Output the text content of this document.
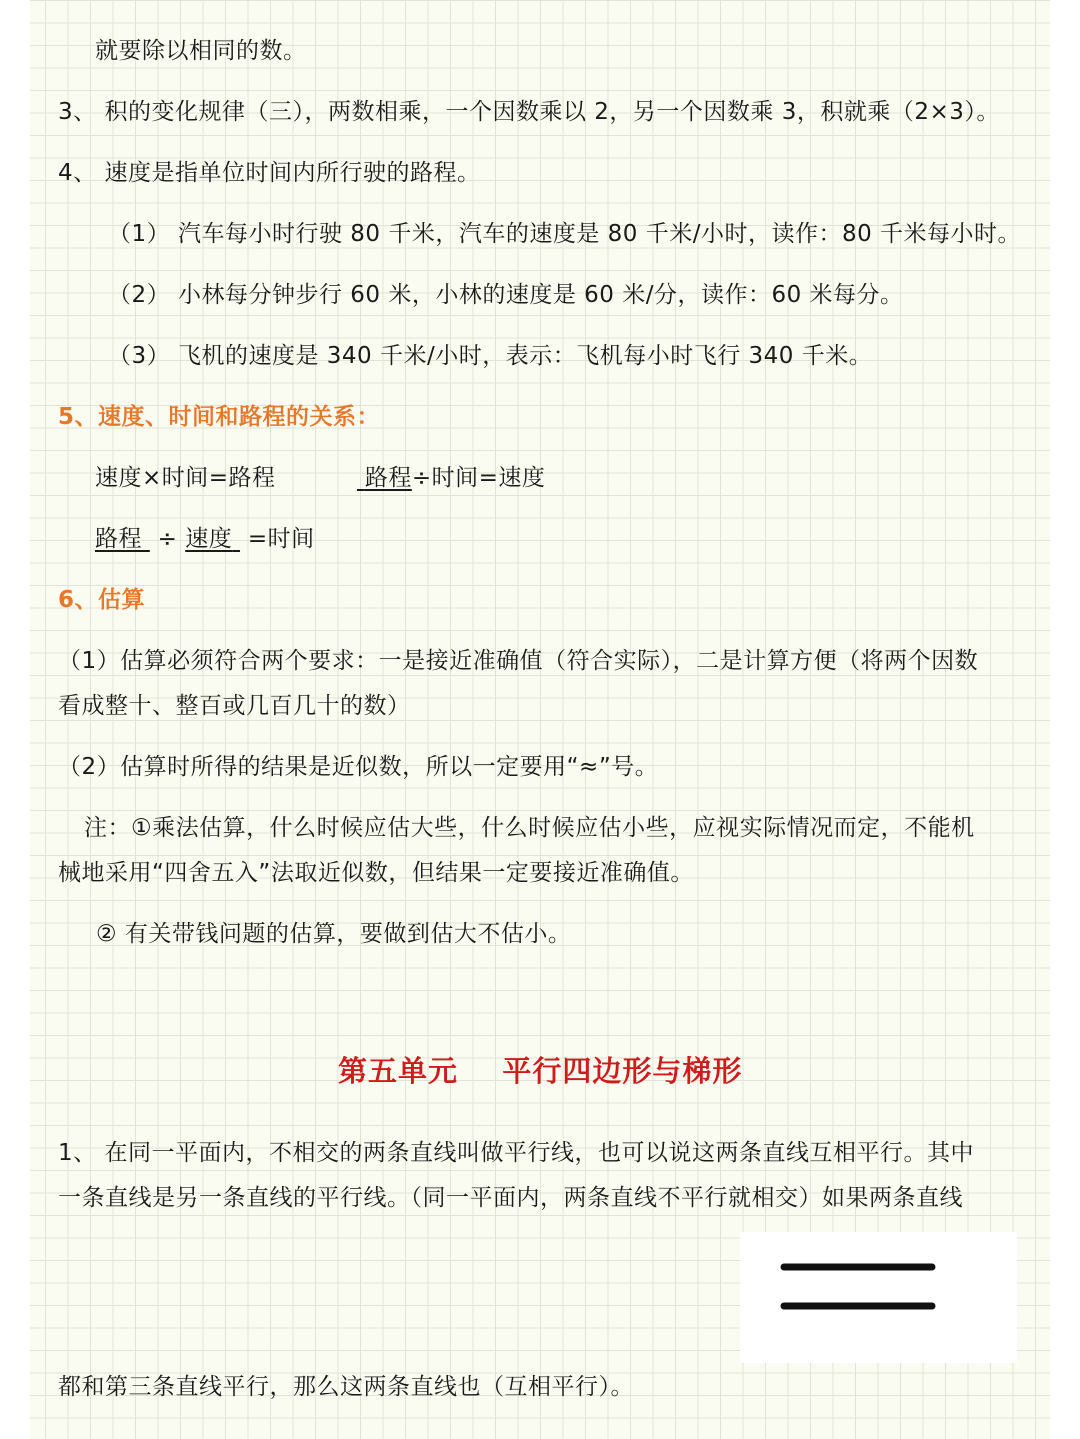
就要除以相同的数。
3、 积的变化规律（三），两数相乘，一个因数乘以 2，另一个因数乘 3，积就乘（2×3）。
4、 速度是指单位时间内所行驶的路程。
（1） 汽车每小时行驶 80 千米，汽车的速度是 80 千米/小时，读作：80 千米每小时。
（2） 小林每分钟步行 60 米，小林的速度是 60 米/分，读作：60 米每分。
（3） 飞机的速度是 340 千米/小时，表示：飞机每小时飞行 340 千米。
5、速度、时间和路程的关系：
速度×时间=路程	路程÷时间=速度
路程  ÷ 速度  =时间
6、估算
（1）估算必须符合两个要求：一是接近准确值（符合实际），二是计算方便（将两个因数
看成整十、整百或几百几十的数）
（2）估算时所得的结果是近似数，所以一定要用“≈”号。
注：①乘法估算，什么时候应估大些，什么时候应估小些，应视实际情况而定，不能机
械地采用“四舍五入”法取近似数，但结果一定要接近准确值。
② 有关带钱问题的估算，要做到估大不估小。
第五单元    平行四边形与梯形
1、 在同一平面内，不相交的两条直线叫做平行线，也可以说这两条直线互相平行。其中
一条直线是另一条直线的平行线。（同一平面内，两条直线不平行就相交）如果两条直线
都和第三条直线平行，那么这两条直线也（互相平行）。
